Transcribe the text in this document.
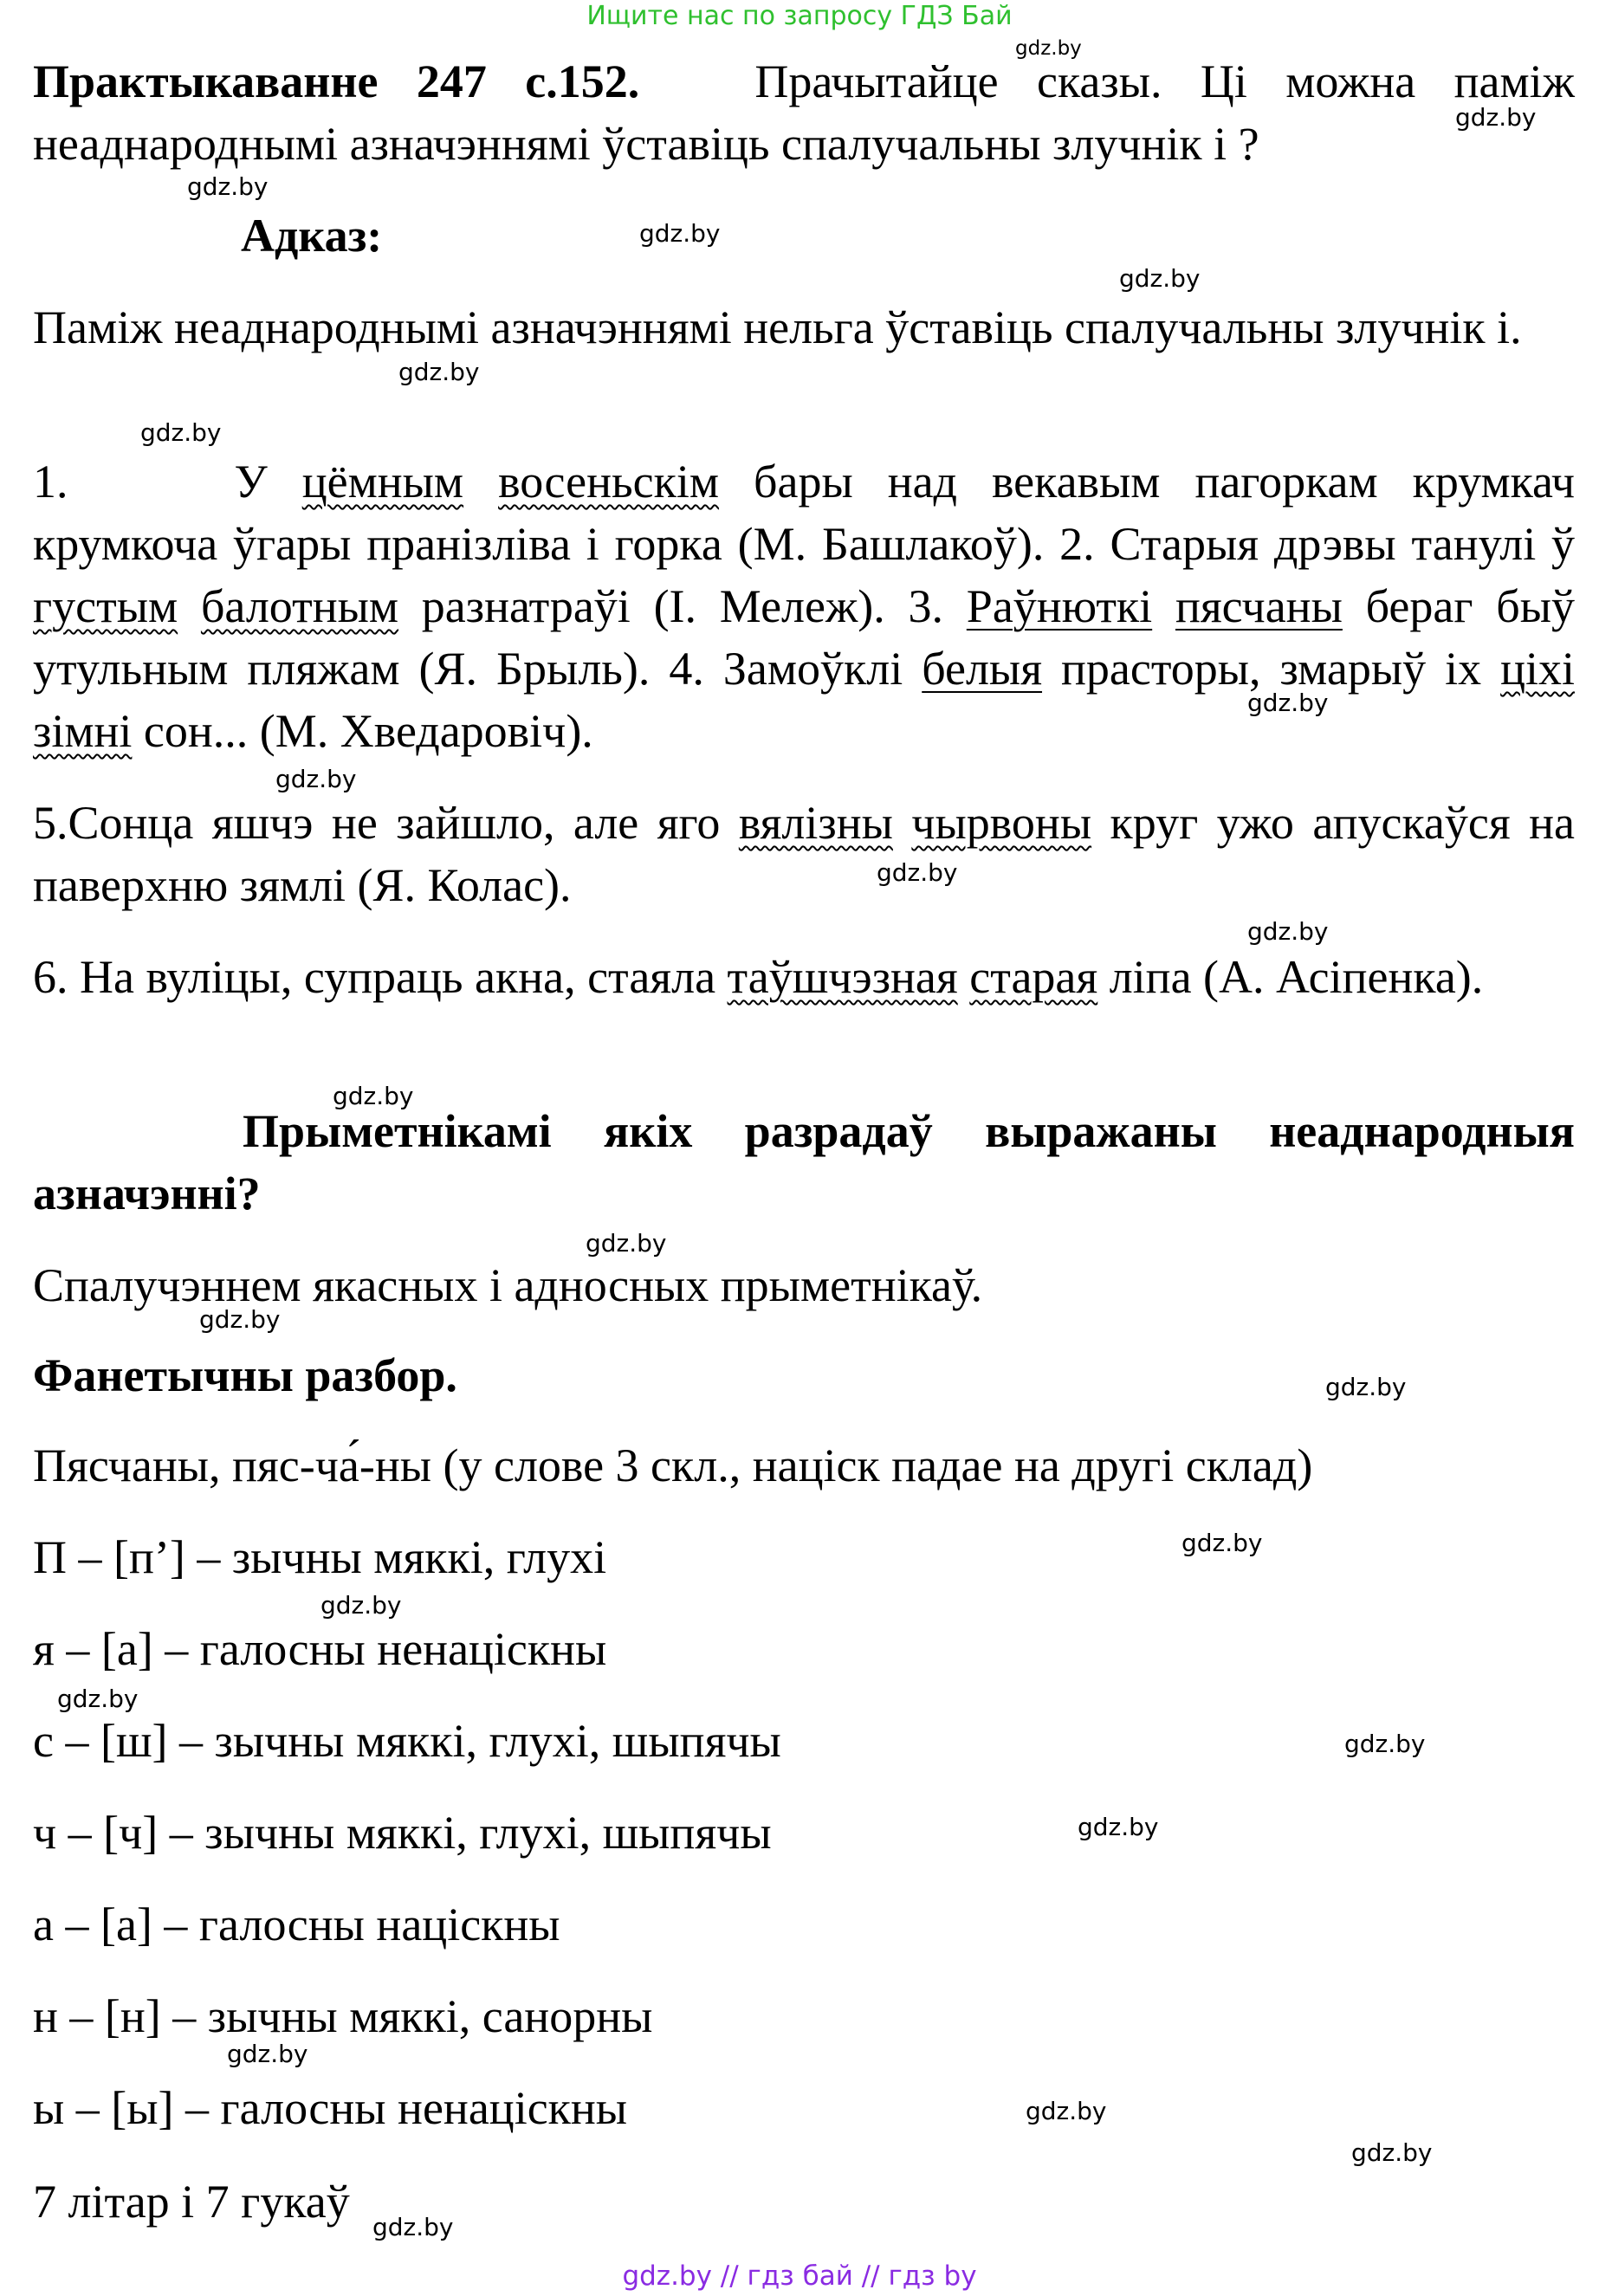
Ищите нас по запросу ГДЗ Бай

Практыкаванне 247 с.152. Прачытайце сказы. Ці можна паміж неаднароднымі азначэннямі ўставіць спалучальны злучнік і ?

Адказ:

Паміж неаднароднымі азначэннямі нельга ўставіць спалучальны злучнік і.

1.	У цёмным восеньскім бары над векавым пагоркам крумкач крумкоча ўгары пранізліва і горка (М. Башлакоў). 2. Старыя дрэвы танулі ў густым балотным разнатраўі (І. Мележ). 3. Раўнюткі пясчаны бераг быў утульным пляжам (Я. Брыль). 4. Замоўклі белыя прасторы, змарыў іх ціхі зімні сон... (М. Хведаровіч).

5.Сонца яшчэ не зайшло, але яго вялізны чырвоны круг ужо апускаўся на паверхню зямлі (Я. Колас).

6. На вуліцы, супраць акна, стаяла таўшчэзная старая ліпа (А. Асіпенка).

Прыметнікамі якіх разрадаў выражаны неаднародныя азначэнні?

Спалучэннем якасных і адносных прыметнікаў.

Фанетычны разбор.

Пясчаны, пяс-ча́-ны (у слове 3 скл., націск падае на другі склад)

П – [п’] – зычны мяккі, глухі

я – [а] – галосны ненаціскны

с – [ш] – зычны мяккі, глухі, шыпячы

ч – [ч] – зычны мяккі, глухі, шыпячы

а – [а] – галосны націскны

н – [н] – зычны мяккі, санорны

ы – [ы] – галосны ненаціскны

7 літар і 7 гукаў

gdz.by
gdz.by
gdz.by
gdz.by
gdz.by
gdz.by
gdz.by
gdz.by
gdz.by
gdz.by
gdz.by
gdz.by
gdz.by
gdz.by
gdz.by
gdz.by
gdz.by
gdz.by
gdz.by
gdz.by
gdz.by
gdz.by
gdz.by
gdz.by
gdz.by // гдз бай // гдз by
